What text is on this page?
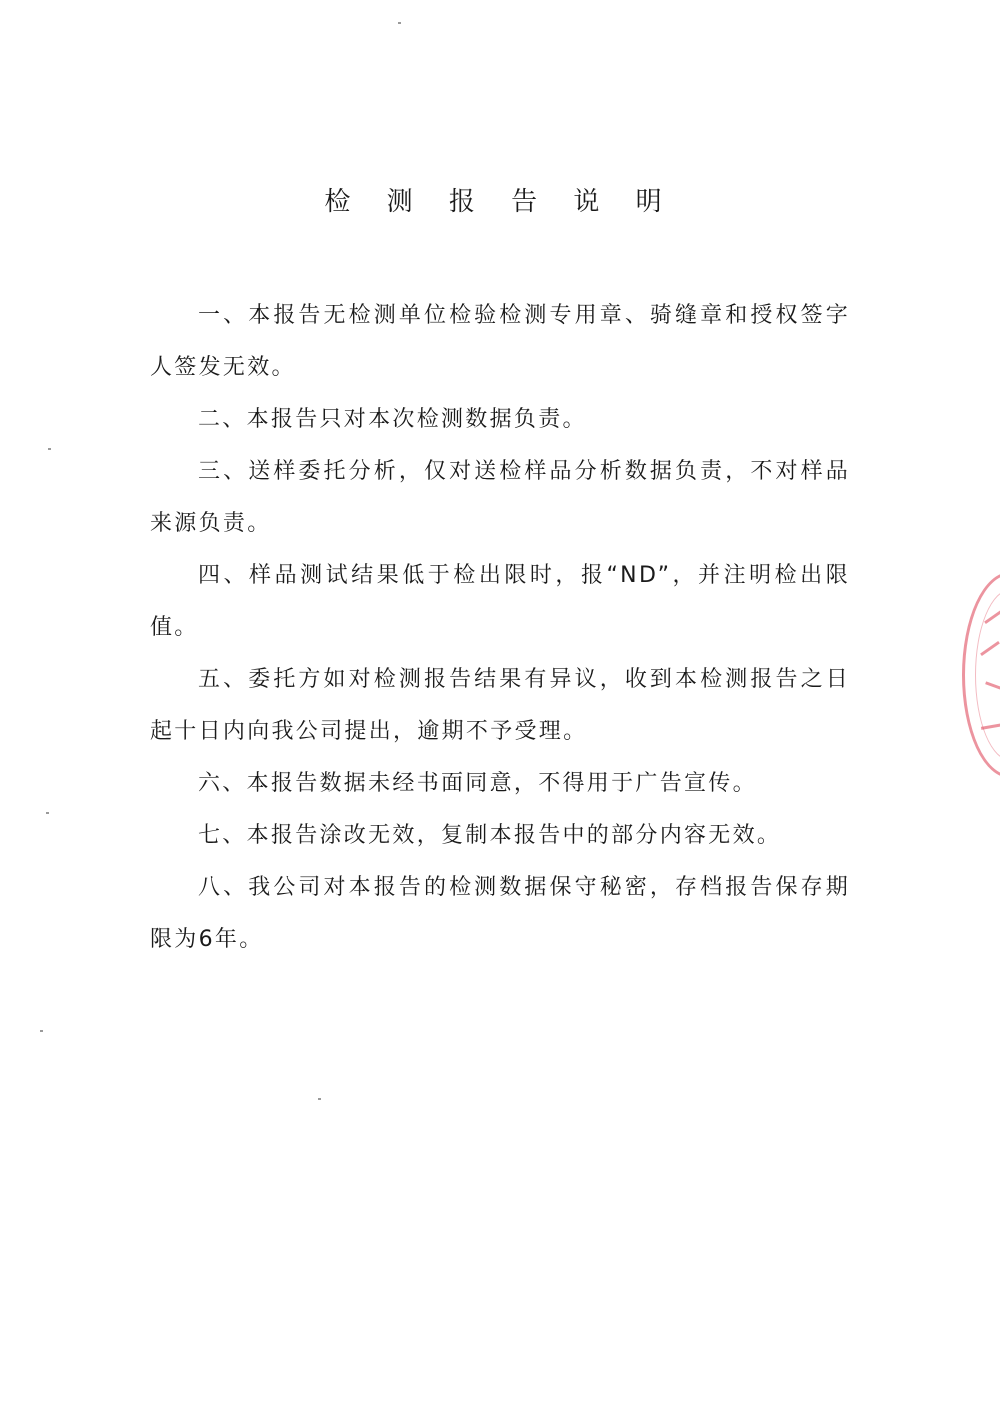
检 测 报 告 说 明

一、本报告无检测单位检验检测专用章、骑缝章和授权签字人签发无效。

二、本报告只对本次检测数据负责。

三、送样委托分析，仅对送检样品分析数据负责，不对样品来源负责。

四、样品测试结果低于检出限时，报“ND”，并注明检出限值。

五、委托方如对检测报告结果有异议，收到本检测报告之日起十日内向我公司提出，逾期不予受理。

六、本报告数据未经书面同意，不得用于广告宣传。

七、本报告涂改无效，复制本报告中的部分内容无效。

八、我公司对本报告的检测数据保守秘密，存档报告保存期限为6年。
